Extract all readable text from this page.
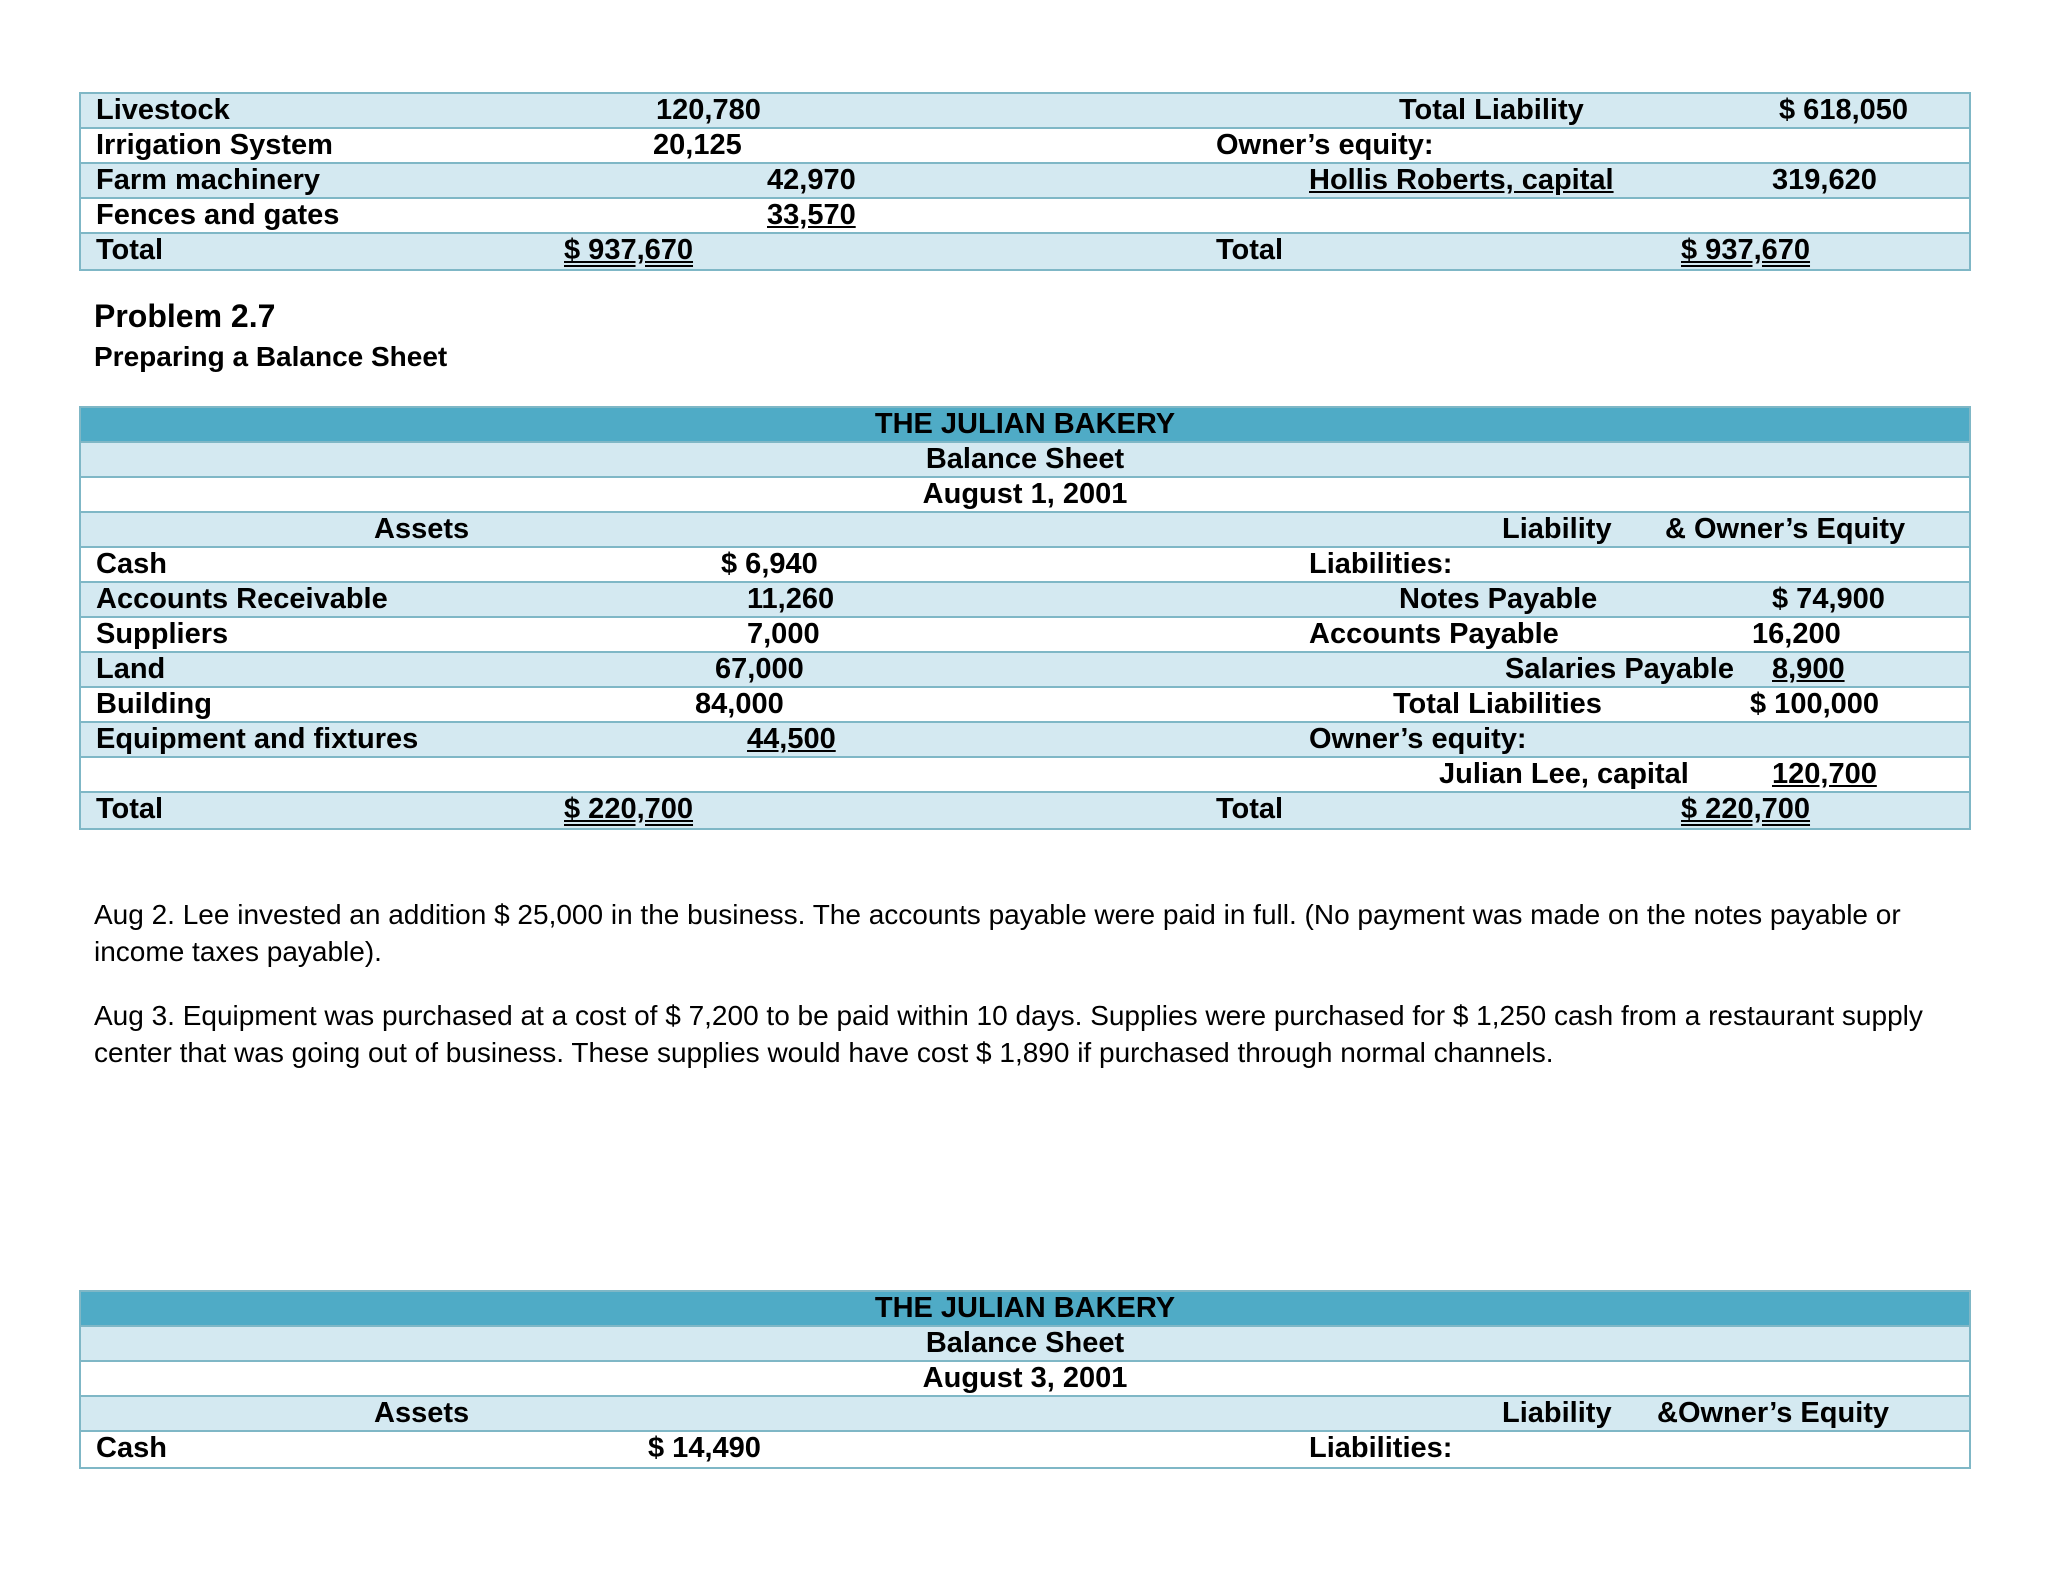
Livestock	120,780	Total Liability	$ 618,050
Irrigation System	20,125	Owner’s equity:
Farm machinery	42,970	Hollis Roberts, capital	319,620
Fences and gates	33,570
Total	$ 937,670	Total	$ 937,670
Problem 2.7
Preparing a Balance Sheet
THE JULIAN BAKERY
Balance Sheet
August 1, 2001
Assets	Liability & Owner’s Equity
Cash	$ 6,940	Liabilities:
Accounts Receivable	11,260	Notes Payable	$ 74,900
Suppliers	7,000	Accounts Payable	16,200
Land	67,000	Salaries Payable 8,900
Building	84,000	Total Liabilities	$ 100,000
Equipment and fixtures	44,500	Owner’s equity:
Julian Lee, capital	120,700
Total	$ 220,700	Total	$ 220,700
Aug 2. Lee invested an addition $ 25,000 in the business. The accounts payable were paid in full. (No payment was made on the notes payable or income taxes payable).
Aug 3. Equipment was purchased at a cost of $ 7,200 to be paid within 10 days. Supplies were purchased for $ 1,250 cash from a restaurant supply center that was going out of business. These supplies would have cost $ 1,890 if purchased through normal channels.
THE JULIAN BAKERY
Balance Sheet
August 3, 2001
Assets	Liability &Owner’s Equity
Cash	$ 14,490	Liabilities:
